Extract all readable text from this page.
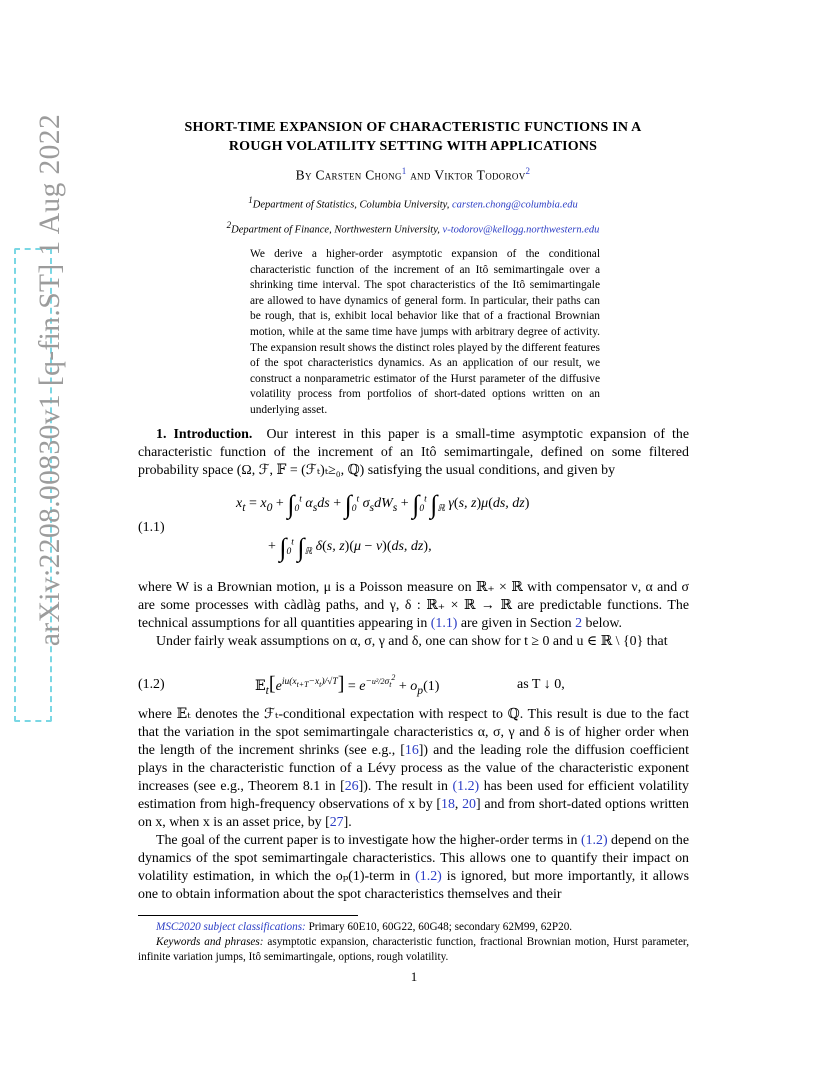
arXiv:2208.00830v1 [q-fin.ST] 1 Aug 2022	SHORT-TIME EXPANSION OF CHARACTERISTIC FUNCTIONS IN A
ROUGH VOLATILITY SETTING WITH APPLICATIONS
By Carsten Chong$^1$ and Viktor Todorov$^2$
1Department of Statistics, Columbia University, carsten.chong@columbia.edu
2Department of Finance, Northwestern University, v-todorov@kellogg.northwestern.edu
We derive a higher-order asymptotic expansion of the conditional characteristic function of the increment of an Itô semimartingale over a shrinking time interval. The spot characteristics of the Itô semimartingale are allowed to have dynamics of general form. In particular, their paths can be rough, that is, exhibit local behavior like that of a fractional Brownian motion, while at the same time have jumps with arbitrary degree of activity. The expansion result shows the distinct roles played by the different features of the spot characteristics dynamics. As an application of our result, we construct a nonparametric estimator of the Hurst parameter of the diffusive volatility process from portfolios of short-dated options written on an underlying asset.
1. Introduction. Our interest in this paper is a small-time asymptotic expansion of the characteristic function of the increment of an Itô semimartingale, defined on some filtered probability space (Ω, ℱ, 𝔽 = (ℱₜ)ₜ≥₀, ℚ) satisfying the usual conditions, and given by
(1.1)
$x_t = x_0 + \int_0^t$ $\alpha_sds + \int_0^t$ $\sigma_sdW_s + \int_0^t$ $\int_ℝ$ γ(s, z)μ(ds, dz)
+ $\int_0^t$ $\int_ℝ$ δ(s, z)(μ − ν)(ds, dz),
where W is a Brownian motion, μ is a Poisson measure on ℝ₊ × ℝ with compensator ν, α and σ are some processes with càdlàg paths, and γ, δ : ℝ₊ × ℝ → ℝ are predictable functions. The technical assumptions for all quantities appearing in (1.1) are given in Section 2 below.
Under fairly weak assumptions on α, σ, γ and δ, one can show for t ≥ 0 and u ∈ ℝ \ {0} that
(1.2)	$𝔼_t[e^{iu(x_{t+T}-x_t)/√T}] = e^{-u^2/2\sigma_t^2} + o_p(1)$	as T ↓ 0,
where 𝔼ₜ denotes the ℱₜ-conditional expectation with respect to ℚ. This result is due to the fact that the variation in the spot semimartingale characteristics α, σ, γ and δ is of higher order when the length of the increment shrinks (see e.g., [16]) and the leading role the diffusion coefficient plays in the characteristic function of a Lévy process as the value of the characteristic exponent increases (see e.g., Theorem 8.1 in [26]). The result in (1.2) has been used for efficient volatility estimation from high-frequency observations of x by [18, 20] and from short-dated options written on x, when x is an asset price, by [27].
The goal of the current paper is to investigate how the higher-order terms in (1.2) depend on the dynamics of the spot semimartingale characteristics. This allows one to quantify their impact on volatility estimation, in which the oₚ(1)-term in (1.2) is ignored, but more importantly, it allows one to obtain information about the spot characteristics themselves and their
MSC2020 subject classifications: Primary 60E10, 60G22, 60G48; secondary 62M99, 62P20.
Keywords and phrases: asymptotic expansion, characteristic function, fractional Brownian motion, Hurst parameter, infinite variation jumps, Itô semimartingale, options, rough volatility.
1
